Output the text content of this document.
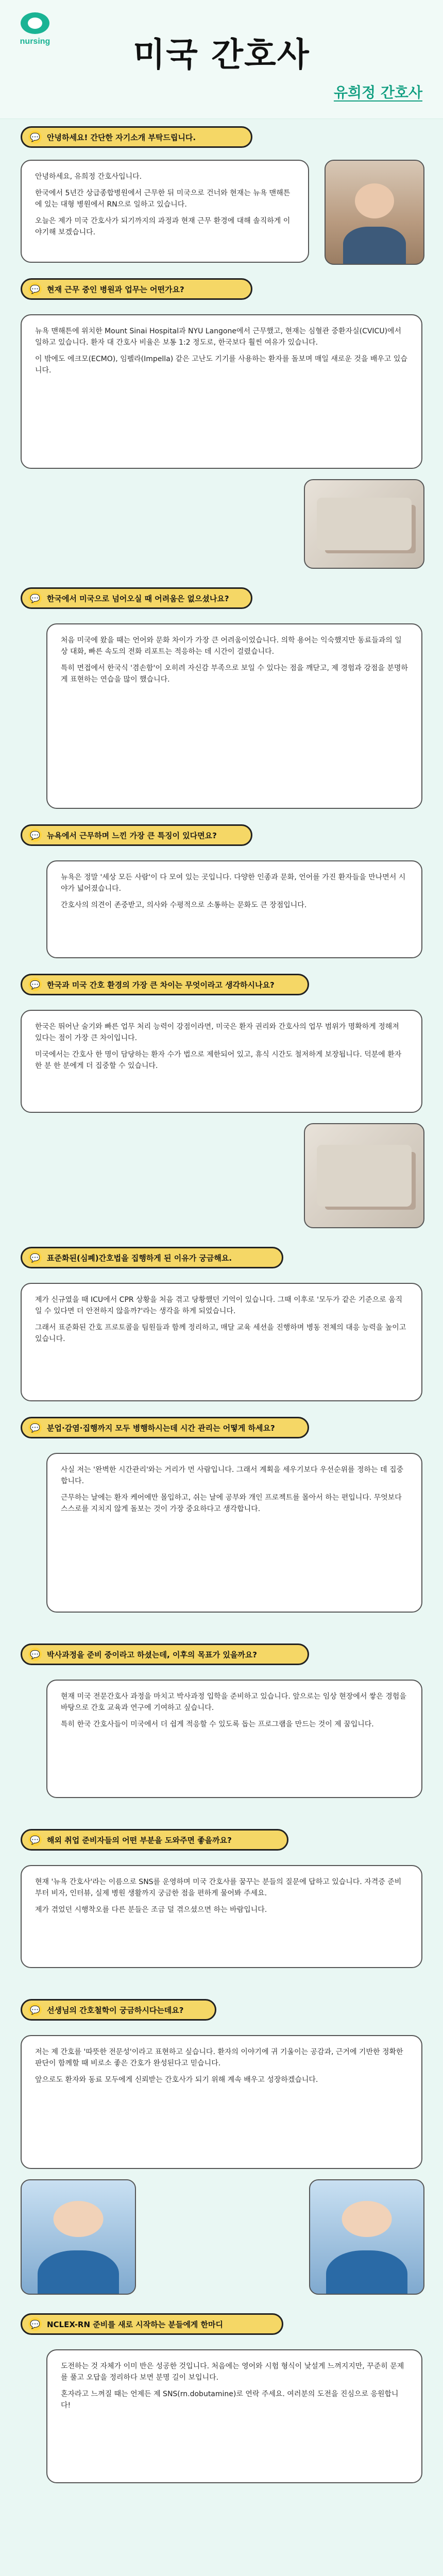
nursing	미국 간호사
유희정 간호사
💬 안녕하세요! 간단한 자기소개 부탁드립니다.

안녕하세요, 유희정 간호사입니다.

한국에서 5년간 상급종합병원에서 근무한 뒤 미국으로 건너와 현재는 뉴욕 맨해튼에 있는 대형 병원에서 RN으로 일하고 있습니다.

오늘은 제가 미국 간호사가 되기까지의 과정과 현재 근무 환경에 대해 솔직하게 이야기해 보겠습니다.

💬 현재 근무 중인 병원과 업무는 어떤가요?

뉴욕 맨해튼에 위치한 Mount Sinai Hospital과 NYU Langone에서 근무했고, 현재는 심혈관 중환자실(CVICU)에서 일하고 있습니다. 환자 대 간호사 비율은 보통 1:2 정도로, 한국보다 훨씬 여유가 있습니다.

이 밖에도 에크모(ECMO), 임펠라(Impella) 같은 고난도 기기를 사용하는 환자를 돌보며 매일 새로운 것을 배우고 있습니다.

💬 한국에서 미국으로 넘어오실 때 어려움은 없으셨나요?

처음 미국에 왔을 때는 언어와 문화 차이가 가장 큰 어려움이었습니다. 의학 용어는 익숙했지만 동료들과의 일상 대화, 빠른 속도의 전화 리포트는 적응하는 데 시간이 걸렸습니다.

특히 면접에서 한국식 '겸손함'이 오히려 자신감 부족으로 보일 수 있다는 점을 깨닫고, 제 경험과 강점을 분명하게 표현하는 연습을 많이 했습니다.

💬 뉴욕에서 근무하며 느낀 가장 큰 특징이 있다면요?

뉴욕은 정말 '세상 모든 사람'이 다 모여 있는 곳입니다. 다양한 인종과 문화, 언어를 가진 환자들을 만나면서 시야가 넓어졌습니다.

간호사의 의견이 존중받고, 의사와 수평적으로 소통하는 문화도 큰 장점입니다.

💬 한국과 미국 간호 환경의 가장 큰 차이는 무엇이라고 생각하시나요?

한국은 뛰어난 술기와 빠른 업무 처리 능력이 강점이라면, 미국은 환자 권리와 간호사의 업무 범위가 명확하게 정해져 있다는 점이 가장 큰 차이입니다.

미국에서는 간호사 한 명이 담당하는 환자 수가 법으로 제한되어 있고, 휴식 시간도 철저하게 보장됩니다. 덕분에 환자 한 분 한 분에게 더 집중할 수 있습니다.

💬 표준화된(심폐)간호법을 집행하게 된 이유가 궁금해요.

제가 신규였을 때 ICU에서 CPR 상황을 처음 겪고 당황했던 기억이 있습니다. 그때 이후로 '모두가 같은 기준으로 움직일 수 있다면 더 안전하지 않을까?'라는 생각을 하게 되었습니다.

그래서 표준화된 간호 프로토콜을 팀원들과 함께 정리하고, 매달 교육 세션을 진행하며 병동 전체의 대응 능력을 높이고 있습니다.

💬 분업·감염·집행까지 모두 병행하시는데 시간 관리는 어떻게 하세요?

사실 저는 '완벽한 시간관리'와는 거리가 먼 사람입니다. 그래서 계획을 세우기보다 우선순위를 정하는 데 집중합니다.

근무하는 날에는 환자 케어에만 몰입하고, 쉬는 날에 공부와 개인 프로젝트를 몰아서 하는 편입니다. 무엇보다 스스로를 지치지 않게 돌보는 것이 가장 중요하다고 생각합니다.

💬 박사과정을 준비 중이라고 하셨는데, 이후의 목표가 있을까요?

현재 미국 전문간호사 과정을 마치고 박사과정 입학을 준비하고 있습니다. 앞으로는 임상 현장에서 쌓은 경험을 바탕으로 간호 교육과 연구에 기여하고 싶습니다.

특히 한국 간호사들이 미국에서 더 쉽게 적응할 수 있도록 돕는 프로그램을 만드는 것이 제 꿈입니다.

💬 해외 취업 준비자들의 어떤 부분을 도와주면 좋을까요?

현재 '뉴욕 간호사'라는 이름으로 SNS를 운영하며 미국 간호사를 꿈꾸는 분들의 질문에 답하고 있습니다. 자격증 준비부터 비자, 인터뷰, 실제 병원 생활까지 궁금한 점을 편하게 물어봐 주세요.

제가 겪었던 시행착오를 다른 분들은 조금 덜 겪으셨으면 하는 바람입니다.

💬 선생님의 간호철학이 궁금하시다는데요?

저는 제 간호를 '따뜻한 전문성'이라고 표현하고 싶습니다. 환자의 이야기에 귀 기울이는 공감과, 근거에 기반한 정확한 판단이 함께할 때 비로소 좋은 간호가 완성된다고 믿습니다.

앞으로도 환자와 동료 모두에게 신뢰받는 간호사가 되기 위해 계속 배우고 성장하겠습니다.

💬 NCLEX-RN 준비를 새로 시작하는 분들에게 한마디

도전하는 것 자체가 이미 반은 성공한 것입니다. 처음에는 영어와 시험 형식이 낯설게 느껴지지만, 꾸준히 문제를 풀고 오답을 정리하다 보면 분명 길이 보입니다.

혼자라고 느껴질 때는 언제든 제 SNS(rn.dobutamine)로 연락 주세요. 여러분의 도전을 진심으로 응원합니다!
